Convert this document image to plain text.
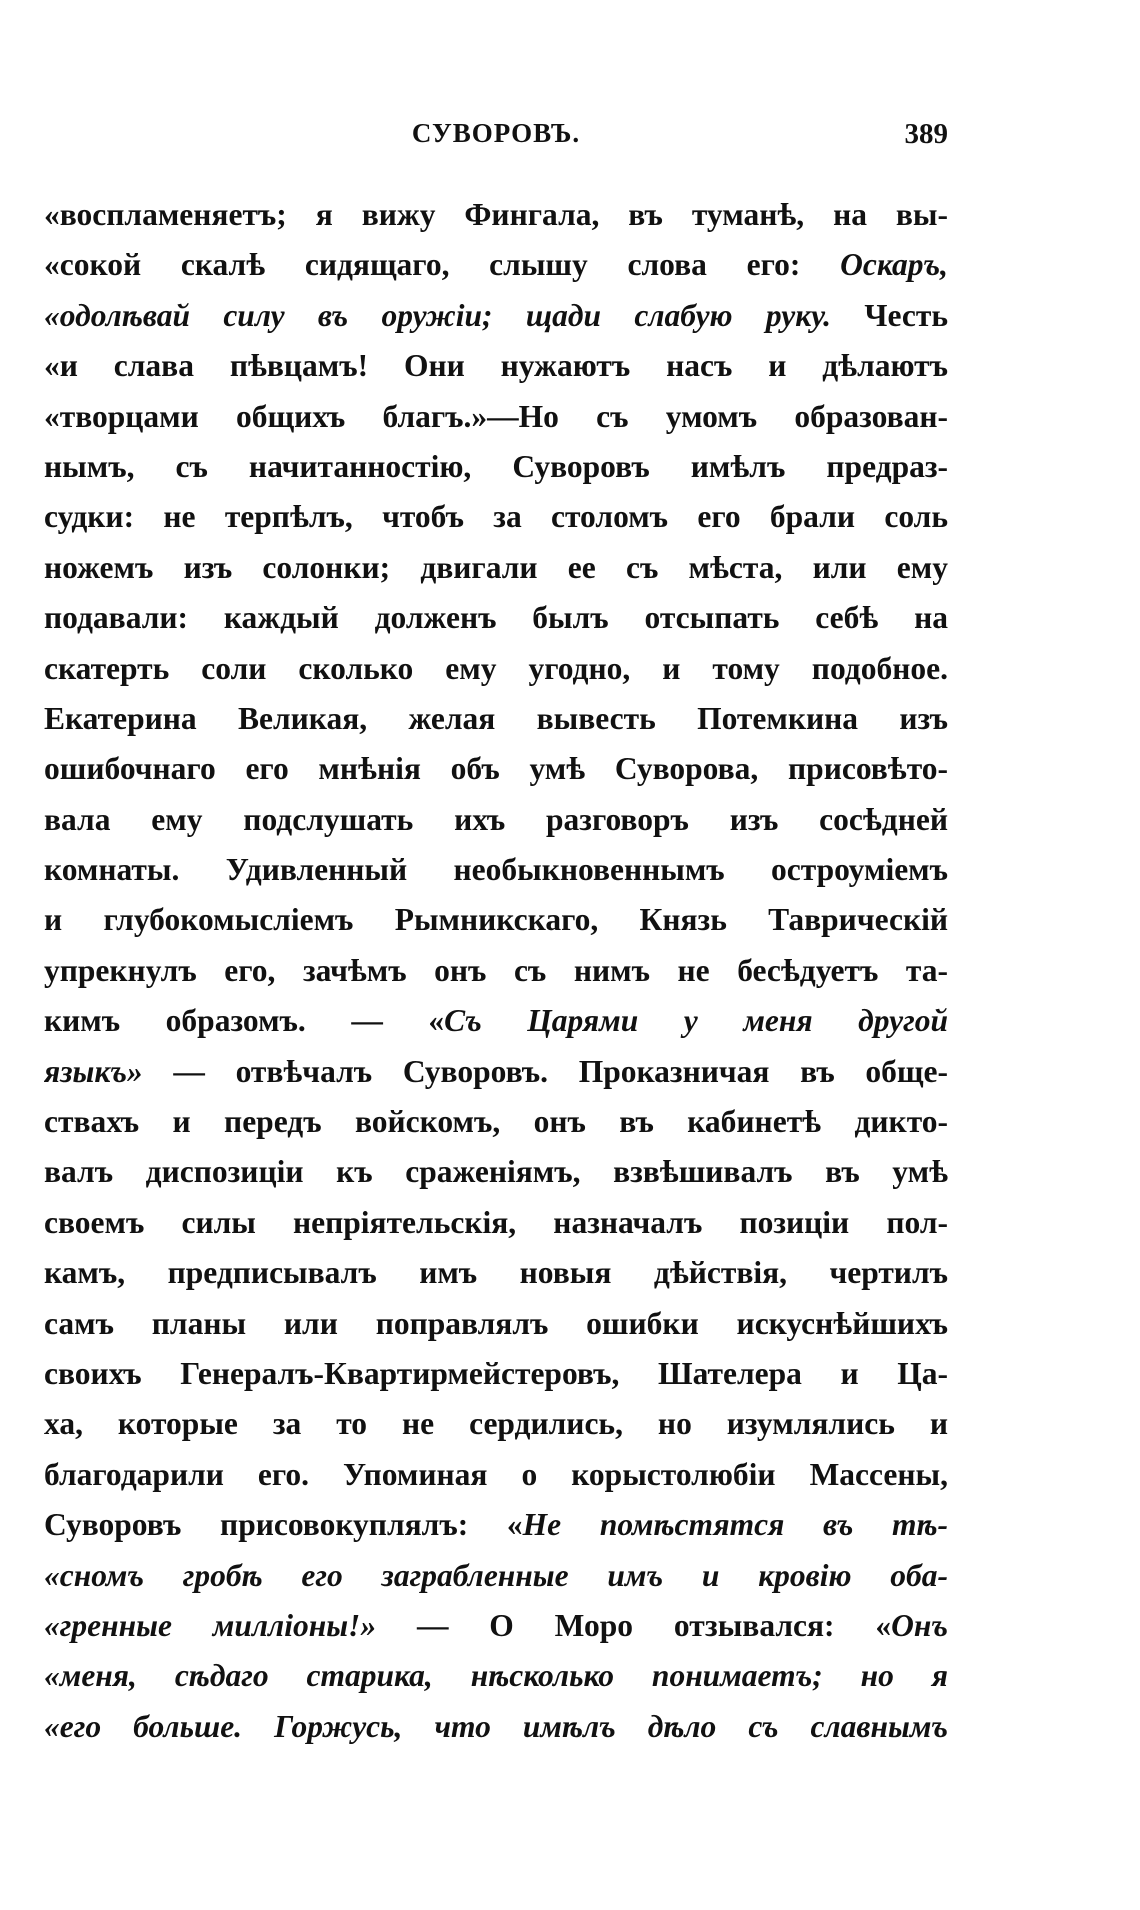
СУВОРОВЪ.	389
«воспламеняетъ; я вижу Фингала, въ туманѣ, на вы-
«сокой скалѣ сидящаго, слышу слова его: Оскаръ,
«одолѣвай силу въ оружіи; щади слабую руку. Честь
«и слава пѣвцамъ! Они нужаютъ насъ и дѣлаютъ
«творцами общихъ благъ.»—Но съ умомъ образован-
нымъ, съ начитанностію, Суворовъ имѣлъ предраз-
судки: не терпѣлъ, чтобъ за столомъ его брали соль
ножемъ изъ солонки; двигали ее съ мѣста, или ему
подавали: каждый долженъ былъ отсыпать себѣ на
скатерть соли сколько ему угодно, и тому подобное.
Екатерина Великая, желая вывесть Потемкина изъ
ошибочнаго его мнѣнія объ умѣ Суворова, присовѣто-
вала ему подслушать ихъ разговоръ изъ сосѣдней
комнаты. Удивленный необыкновеннымъ остроуміемъ
и глубокомысліемъ Рымникскаго, Князь Таврическій
упрекнулъ его, зачѣмъ онъ съ нимъ не бесѣдуетъ та-
кимъ образомъ. — «Съ Царями у меня другой
языкъ» — отвѣчалъ Суворовъ. Проказничая въ обще-
ствахъ и передъ войскомъ, онъ въ кабинетѣ дикто-
валъ диспозиціи къ сраженіямъ, взвѣшивалъ въ умѣ
своемъ силы непріятельскія, назначалъ позиціи пол-
камъ, предписывалъ имъ новыя дѣйствія, чертилъ
самъ планы или поправлялъ ошибки искуснѣйшихъ
своихъ Генералъ-Квартирмейстеровъ, Шателера и Ца-
ха, которые за то не сердились, но изумлялись и
благодарили его. Упоминая о корыстолюбіи Массены,
Суворовъ присовокуплялъ: «Не помѣстятся въ тѣ-
«сномъ гробѣ его заграбленные имъ и кровію оба-
«гренные милліоны!» — О Моро отзывался: «Онъ
«меня, сѣдаго старика, нѣсколько понимаетъ; но я
«его больше. Горжусь, что имѣлъ дѣло съ славнымъ
